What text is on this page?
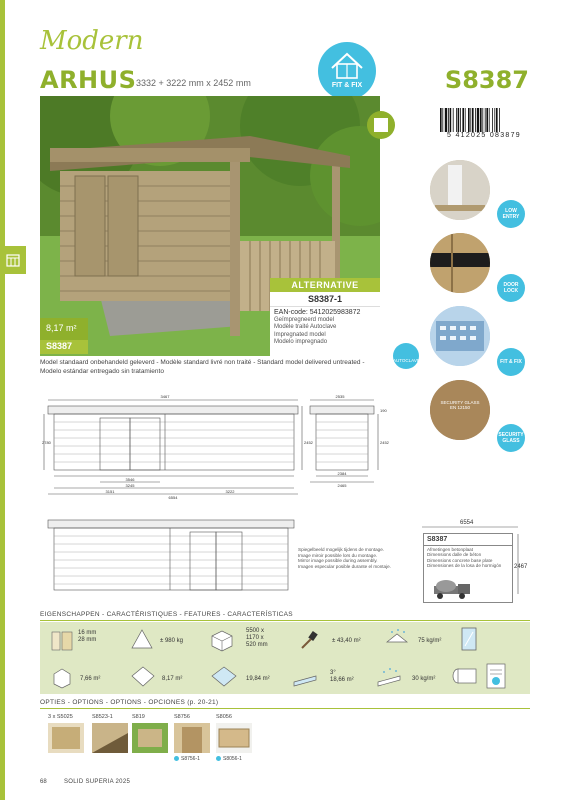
Modern
ARHUS 3332 + 3222 mm x 2452 mm	S8387
FIT & FIX
5 412025 083879
8,17 m²
S8387
ALTERNATIVE
S8387-1
EAN-code: 5412025983872
Geïmpregneerd model
Modèle traité Autoclave
Impregnated model
Modelo impregnado
AUTOCLAVE
Model standaard onbehandeld geleverd - Modèle standard livré non traité - Standard model delivered untreated - Modelo estándar entregado sin tratamiento
LOW ENTRY
DOOR LOCK
FIT & FIX
SECURITY GLASS
EN 12150
SECURITY GLASS
3467	2535
3546
3245
3151	3222
6554
2384
2465
2780	2452	2452
190
6554
2467
S8387
Afmetingen betonplaat
Dimensions dalle de béton
Dimensions concrete base plate
Dimensiones de la losa de hormigón
Spiegelbeeld mogelijk tijdens de montage.
Image miroir possible lors du montage.
Mirror image possible during assembly.
Imagen especular posible durante el montaje.
EIGENSCHAPPEN - CARACTÉRISTIQUES - FEATURES - CARACTERÍSTICAS
16 mm
28 mm	± 980 kg
5500 x
1170 x
520 mm
± 43,40 m²	75 kg/m²
7,66 m²	8,17 m²	19,84 m²
3°
18,66 m²	30 kg/m²
OPTIES - OPTIONS - OPTIONS - OPCIONES (p. 20-21)
3 x S5025	S8523-1	S819	S8756	S8056
S8756-1	S8056-1
68	SOLID SUPERIA 2025
